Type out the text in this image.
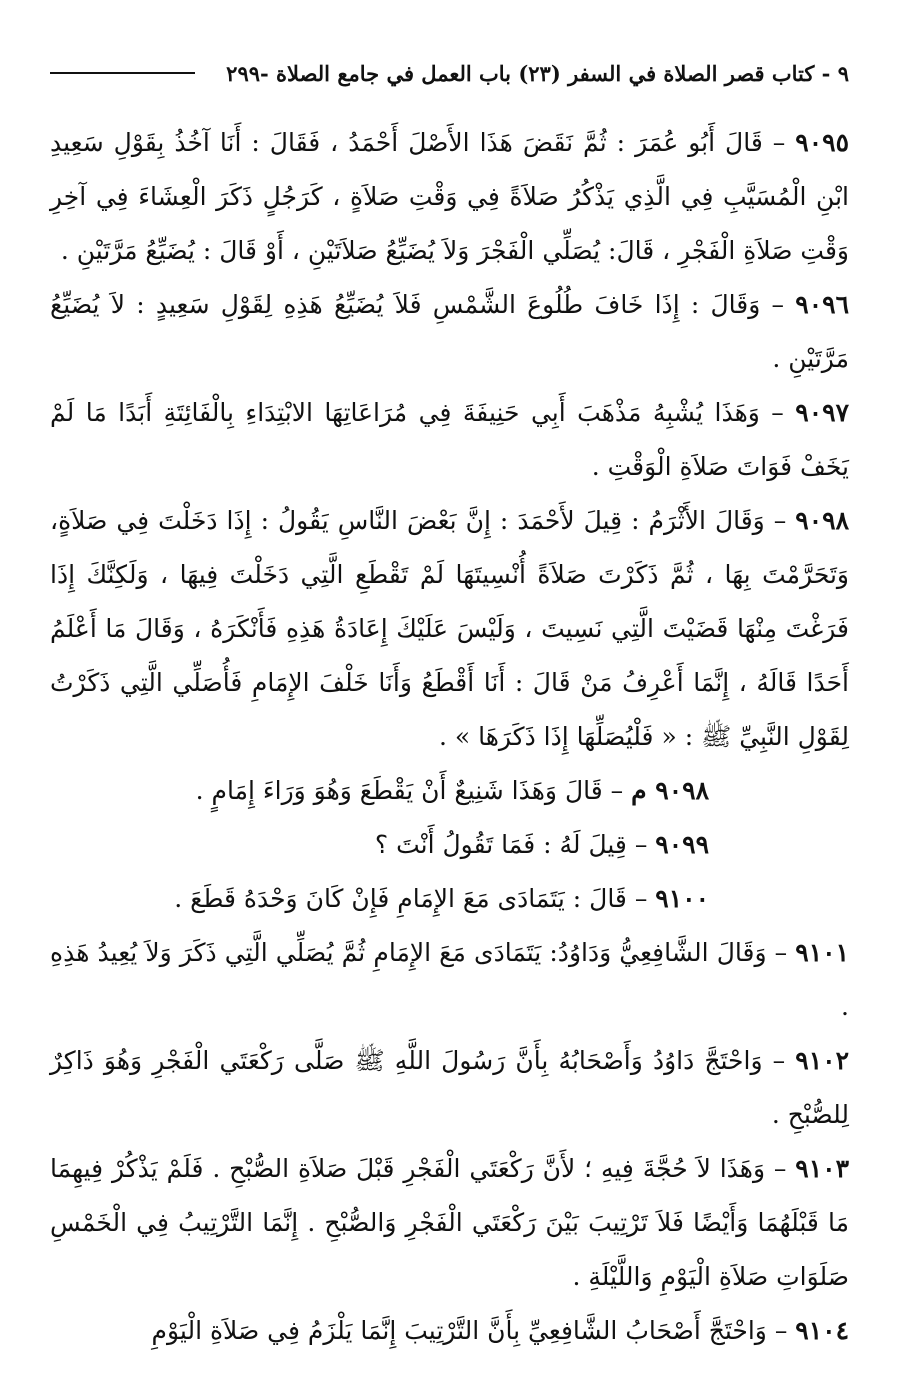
٩ - كتاب قصر الصلاة في السفر (٢٣) باب العمل في جامع الصلاة -٢٩٩

٩٠٩٥ – قَالَ أَبُو عُمَرَ : ثُمَّ نَقَضَ هَذَا الأَصْلَ أَحْمَدُ ، فَقَالَ : أَنَا آخُذُ بِقَوْلِ سَعِيدِ ابْنِ الْمُسَيَّبِ فِي الَّذِي يَذْكُرُ صَلاَةً فِي وَقْتِ صَلاَةٍ ، كَرَجُلٍ ذَكَرَ الْعِشَاءَ فِي آخِرِ وَقْتِ صَلاَةِ الْفَجْرِ ، قَالَ: يُصَلِّي الْفَجْرَ وَلاَ يُضَيِّعُ صَلاَتَيْنِ ، أَوْ قَالَ : يُضَيِّعُ مَرَّتَيْنِ .

٩٠٩٦ – وَقَالَ : إِذَا خَافَ طُلُوعَ الشَّمْسِ فَلاَ يُضَيِّعُ هَذِهِ لِقَوْلِ سَعِيدٍ : لاَ يُضَيِّعُ مَرَّتَيْنِ .

٩٠٩٧ – وَهَذَا يُشْبِهُ مَذْهَبَ أَبِي حَنِيفَةَ فِي مُرَاعَاتِهَا الابْتِدَاءِ بِالْفَائِتَةِ أَبَدًا مَا لَمْ يَخَفْ فَوَاتَ صَلاَةِ الْوَقْتِ .

٩٠٩٨ – وَقَالَ الأَثْرَمُ : قِيلَ لأَحْمَدَ : إِنَّ بَعْضَ النَّاسِ يَقُولُ : إِذَا دَخَلْتَ فِي صَلاَةٍ، وَتَحَرَّمْتَ بِهَا ، ثُمَّ ذَكَرْتَ صَلاَةً أُنْسِيتَهَا لَمْ تَقْطَعِ الَّتِي دَخَلْتَ فِيهَا ، وَلَكِنَّكَ إِذَا فَرَغْتَ مِنْهَا قَضَيْتَ الَّتِي نَسِيتَ ، وَلَيْسَ عَلَيْكَ إِعَادَةُ هَذِهِ فَأَنْكَرَهُ ، وَقَالَ مَا أَعْلَمُ أَحَدًا قَالَهُ ، إِنَّمَا أَعْرِفُ مَنْ قَالَ : أَنَا أَقْطَعُ وَأَنَا خَلْفَ الإِمَامِ فَأُصَلِّي الَّتِي ذَكَرْتُ لِقَوْلِ النَّبِيِّ ﷺ : « فَلْيُصَلِّهَا إِذَا ذَكَرَهَا » .

٩٠٩٨ م – قَالَ وَهَذَا شَنِيعٌ أَنْ يَقْطَعَ وَهُوَ وَرَاءَ إِمَامٍ .

٩٠٩٩ – قِيلَ لَهُ : فَمَا تَقُولُ أَنْتَ ؟

٩١٠٠ – قَالَ : يَتَمَادَى مَعَ الإِمَامِ فَإِنْ كَانَ وَحْدَهُ قَطَعَ .

٩١٠١ – وَقَالَ الشَّافِعِيُّ وَدَاوُدُ: يَتَمَادَى مَعَ الإِمَامِ ثُمَّ يُصَلِّي الَّتِي ذَكَرَ وَلاَ يُعِيدُ هَذِهِ .

٩١٠٢ – وَاحْتَجَّ دَاوُدُ وَأَصْحَابُهُ بِأَنَّ رَسُولَ اللَّهِ ﷺ صَلَّى رَكْعَتَي الْفَجْرِ وَهُوَ ذَاكِرٌ لِلصُّبْحِ .

٩١٠٣ – وَهَذَا لاَ حُجَّةَ فِيهِ ؛ لأَنَّ رَكْعَتَي الْفَجْرِ قَبْلَ صَلاَةِ الصُّبْحِ . فَلَمْ يَذْكُرْ فِيهِمَا مَا قَبْلَهُمَا وَأَيْضًا فَلاَ تَرْتِيبَ بَيْنَ رَكْعَتَي الْفَجْرِ وَالصُّبْحِ . إِنَّمَا التَّرْتِيبُ فِي الْخَمْسِ صَلَوَاتِ صَلاَةِ الْيَوْمِ وَاللَّيْلَةِ .

٩١٠٤ – وَاحْتَجَّ أَصْحَابُ الشَّافِعِيِّ بِأَنَّ التَّرْتِيبَ إِنَّمَا يَلْزَمُ فِي صَلاَةِ الْيَوْمِ
